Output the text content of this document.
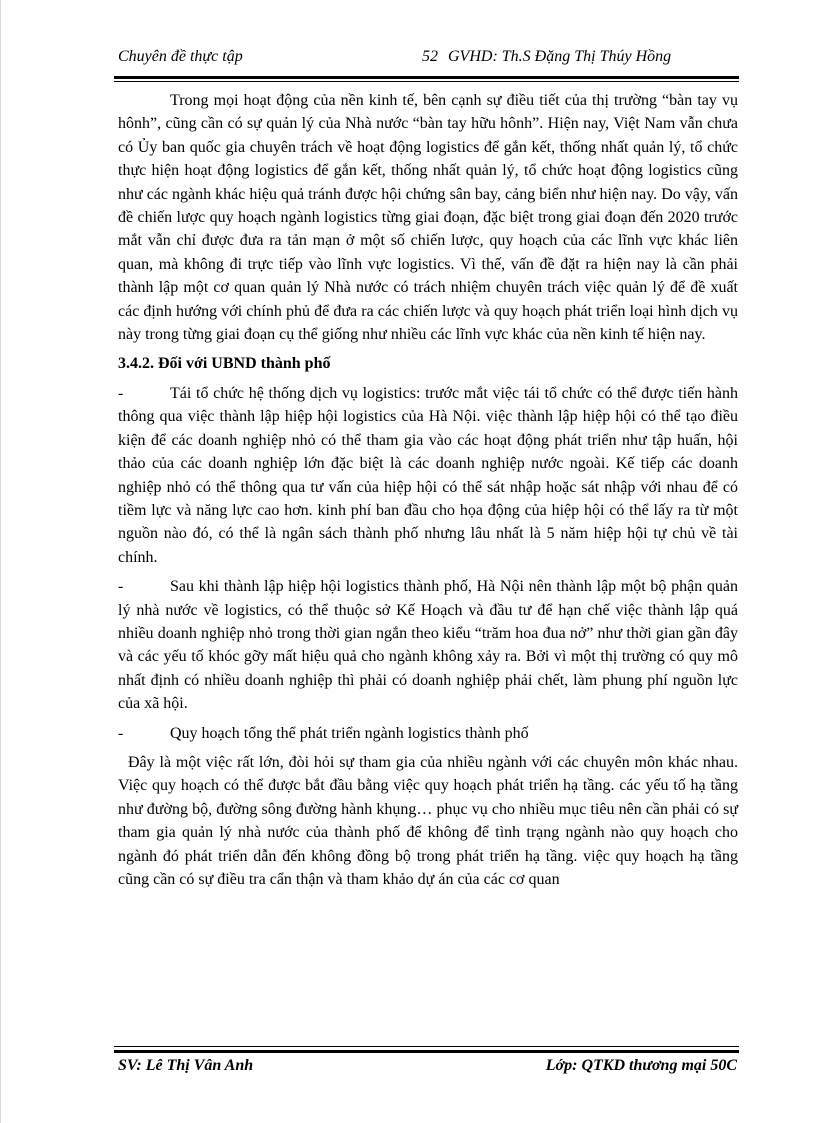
Chuyên đề thực tập	52 GVHD: Th.S Đặng Thị Thúy Hồng

Trong mọi hoạt động của nền kinh tế, bên cạnh sự điều tiết của thị trường “bàn tay vụ hônh”, cũng cần có sự quản lý của Nhà nước “bàn tay hữu hônh”. Hiện nay, Việt Nam vẫn chưa có Ủy ban quốc gia chuyên trách về hoạt động logistics để gắn kết, thống nhất quản lý, tổ chức thực hiện hoạt động logistics để gắn kết, thống nhất quản lý, tổ chức hoạt động logistics cũng như các ngành khác hiệu quả tránh được hội chứng sân bay, cảng biển như hiện nay. Do vậy, vấn đề chiến lược quy hoạch ngành logistics từng giai đoạn, đặc biệt trong giai đoạn đến 2020 trước mắt vẫn chỉ được đưa ra tản mạn ở một số chiến lược, quy hoạch của các lĩnh vực khác liên quan, mà không đi trực tiếp vào lĩnh vực logistics. Vì thế, vấn đề đặt ra hiện nay là cần phải thành lập một cơ quan quản lý Nhà nước có trách nhiệm chuyên trách việc quản lý để đề xuất các định hướng với chính phủ để đưa ra các chiến lược và quy hoạch phát triển loại hình dịch vụ này trong từng giai đoạn cụ thể giống như nhiều các lĩnh vực khác của nền kinh tế hiện nay.

3.4.2. Đối với UBND thành phố

-	Tái tổ chức hệ thống dịch vụ logistics: trước mắt việc tái tổ chức có thể được tiến hành thông qua việc thành lập hiệp hội logistics của Hà Nội. việc thành lập hiệp hội có thể tạo điều kiện để các doanh nghiệp nhỏ có thể tham gia vào các hoạt động phát triển như tập huấn, hội thảo của các doanh nghiệp lớn đặc biệt là các doanh nghiệp nước ngoài. Kế tiếp các doanh nghiệp nhỏ có thể thông qua tư vấn của hiệp hội có thể sát nhập hoặc sát nhập với nhau để có tiềm lực và năng lực cao hơn. kinh phí ban đầu cho họa động của hiệp hội có thể lấy ra từ một nguồn nào đó, có thể là ngân sách thành phố nhưng lâu nhất là 5 năm hiệp hội tự chủ về tài chính.

-	Sau khi thành lập hiệp hội logistics thành phố, Hà Nội nên thành lập một bộ phận quản lý nhà nước về logistics, có thể thuộc sở Kế Hoạch và đầu tư để hạn chế việc thành lập quá nhiều doanh nghiệp nhỏ trong thời gian ngắn theo kiểu “trăm hoa đua nở” như thời gian gần đây và các yếu tố khóc gỡy mất hiệu quả cho ngành không xảy ra. Bởi vì một thị trường có quy mô nhất định có nhiều doanh nghiệp thì phải có doanh nghiệp phải chết, làm phung phí nguồn lực của xã hội.

-	Quy hoạch tổng thể phát triển ngành logistics thành phố

Đây là một việc rất lớn, đòi hỏi sự tham gia của nhiều ngành với các chuyên môn khác nhau. Việc quy hoạch có thể được bắt đầu bằng việc quy hoạch phát triển hạ tầng. các yếu tố hạ tầng như đường bộ, đường sông đường hành khụng… phục vụ cho nhiều mục tiêu nên cần phải có sự tham gia quản lý nhà nước của thành phố để không để tình trạng ngành nào quy hoạch cho ngành đó phát triển dẫn đến không đồng bộ trong phát triển hạ tầng. việc quy hoạch hạ tầng cũng cần có sự điều tra cẩn thận và tham khảo dự án của các cơ quan

SV: Lê Thị Vân Anh	Lớp: QTKD thương mại 50C
